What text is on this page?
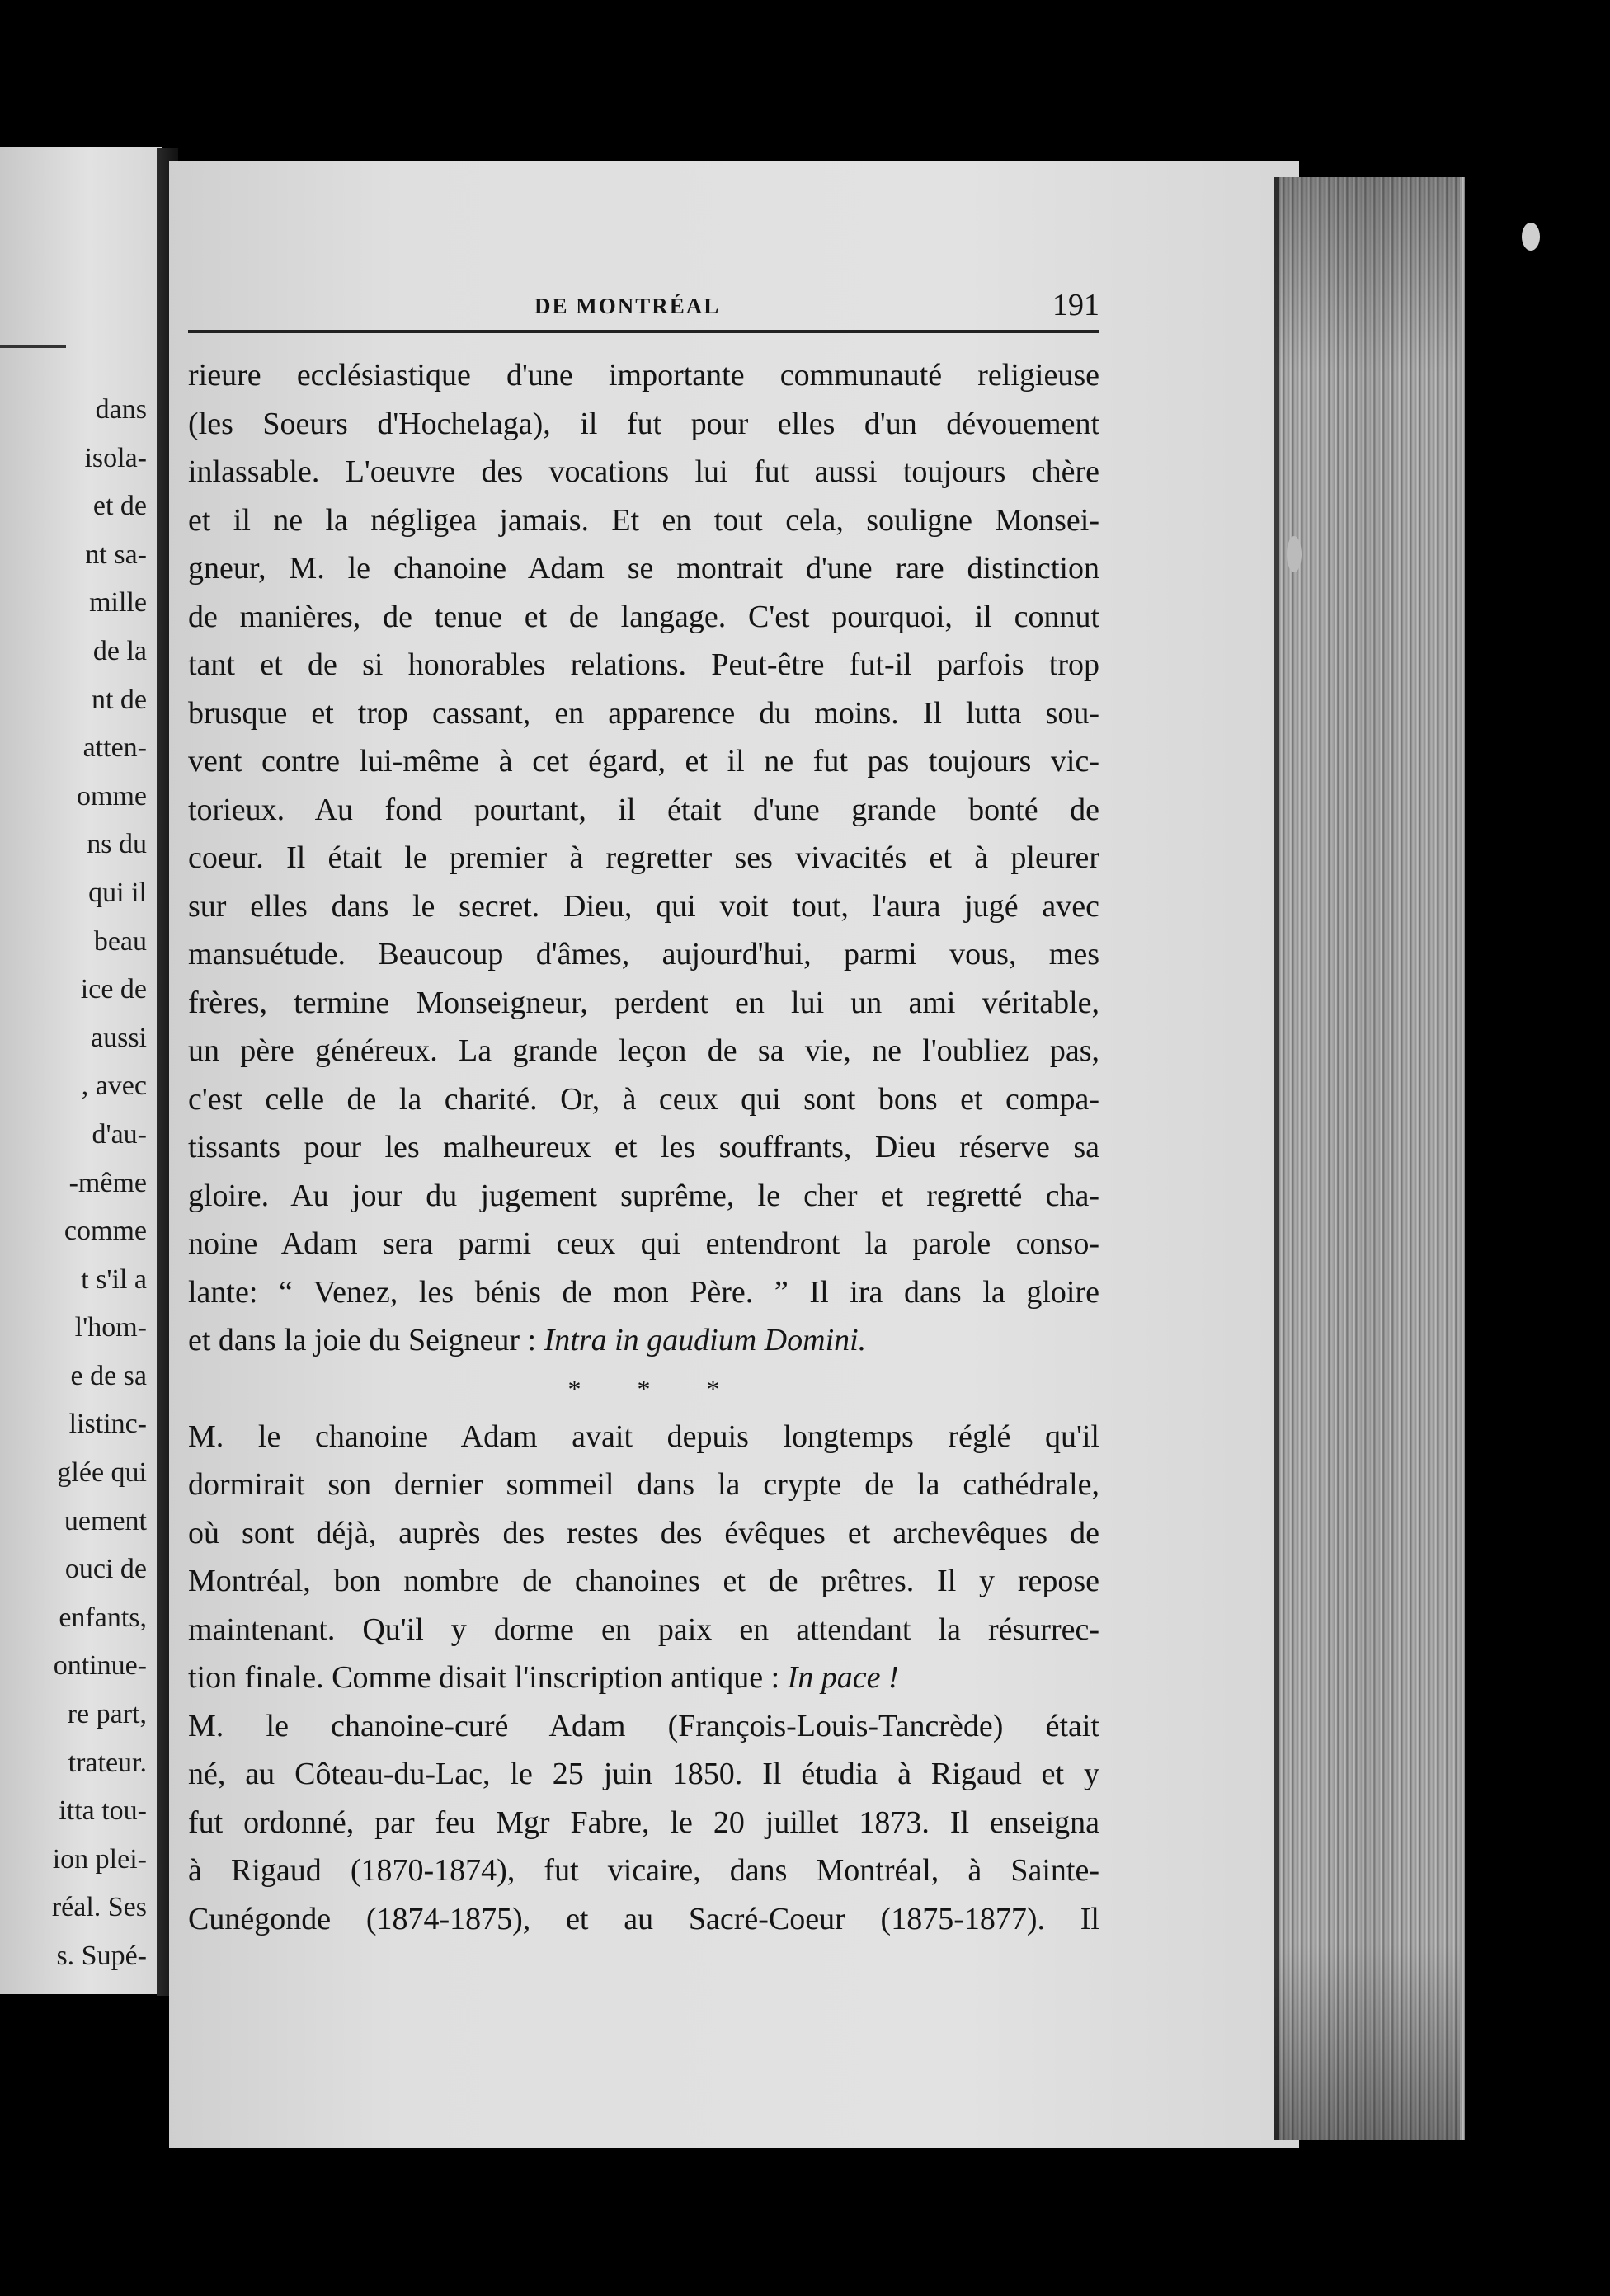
dans
isola-
et de
nt sa-
mille
de la
nt de
atten-
omme
ns du
qui il
beau
ice de
aussi
, avec
d'au-
-même
comme
t s'il a
l'hom-
e de sa
listinc-
glée qui
uement
ouci de
enfants,
ontinue-
re part,
trateur.
itta tou-
ion plei-
réal. Ses
s. Supé-
DE MONTRÉAL	191
rieure ecclésiastique d'une importante communauté religieuse
(les Soeurs d'Hochelaga), il fut pour elles d'un dévouement
inlassable. L'oeuvre des vocations lui fut aussi toujours chère
et il ne la négligea jamais. Et en tout cela, souligne Monsei-
gneur, M. le chanoine Adam se montrait d'une rare distinction
de manières, de tenue et de langage. C'est pourquoi, il connut
tant et de si honorables relations. Peut-être fut-il parfois trop
brusque et trop cassant, en apparence du moins. Il lutta sou-
vent contre lui-même à cet égard, et il ne fut pas toujours vic-
torieux. Au fond pourtant, il était d'une grande bonté de
coeur. Il était le premier à regretter ses vivacités et à pleurer
sur elles dans le secret. Dieu, qui voit tout, l'aura jugé avec
mansuétude. Beaucoup d'âmes, aujourd'hui, parmi vous, mes
frères, termine Monseigneur, perdent en lui un ami véritable,
un père généreux. La grande leçon de sa vie, ne l'oubliez pas,
c'est celle de la charité. Or, à ceux qui sont bons et compa-
tissants pour les malheureux et les souffrants, Dieu réserve sa
gloire. Au jour du jugement suprême, le cher et regretté cha-
noine Adam sera parmi ceux qui entendront la parole conso-
lante: “ Venez, les bénis de mon Père. ” Il ira dans la gloire
et dans la joie du Seigneur : Intra in gaudium Domini.
* * *
M. le chanoine Adam avait depuis longtemps réglé qu'il
dormirait son dernier sommeil dans la crypte de la cathédrale,
où sont déjà, auprès des restes des évêques et archevêques de
Montréal, bon nombre de chanoines et de prêtres. Il y repose
maintenant. Qu'il y dorme en paix en attendant la résurrec-
tion finale. Comme disait l'inscription antique : In pace !
M. le chanoine-curé Adam (François-Louis-Tancrède) était
né, au Côteau-du-Lac, le 25 juin 1850. Il étudia à Rigaud et y
fut ordonné, par feu Mgr Fabre, le 20 juillet 1873. Il enseigna
à Rigaud (1870-1874), fut vicaire, dans Montréal, à Sainte-
Cunégonde (1874-1875), et au Sacré-Coeur (1875-1877). Il
